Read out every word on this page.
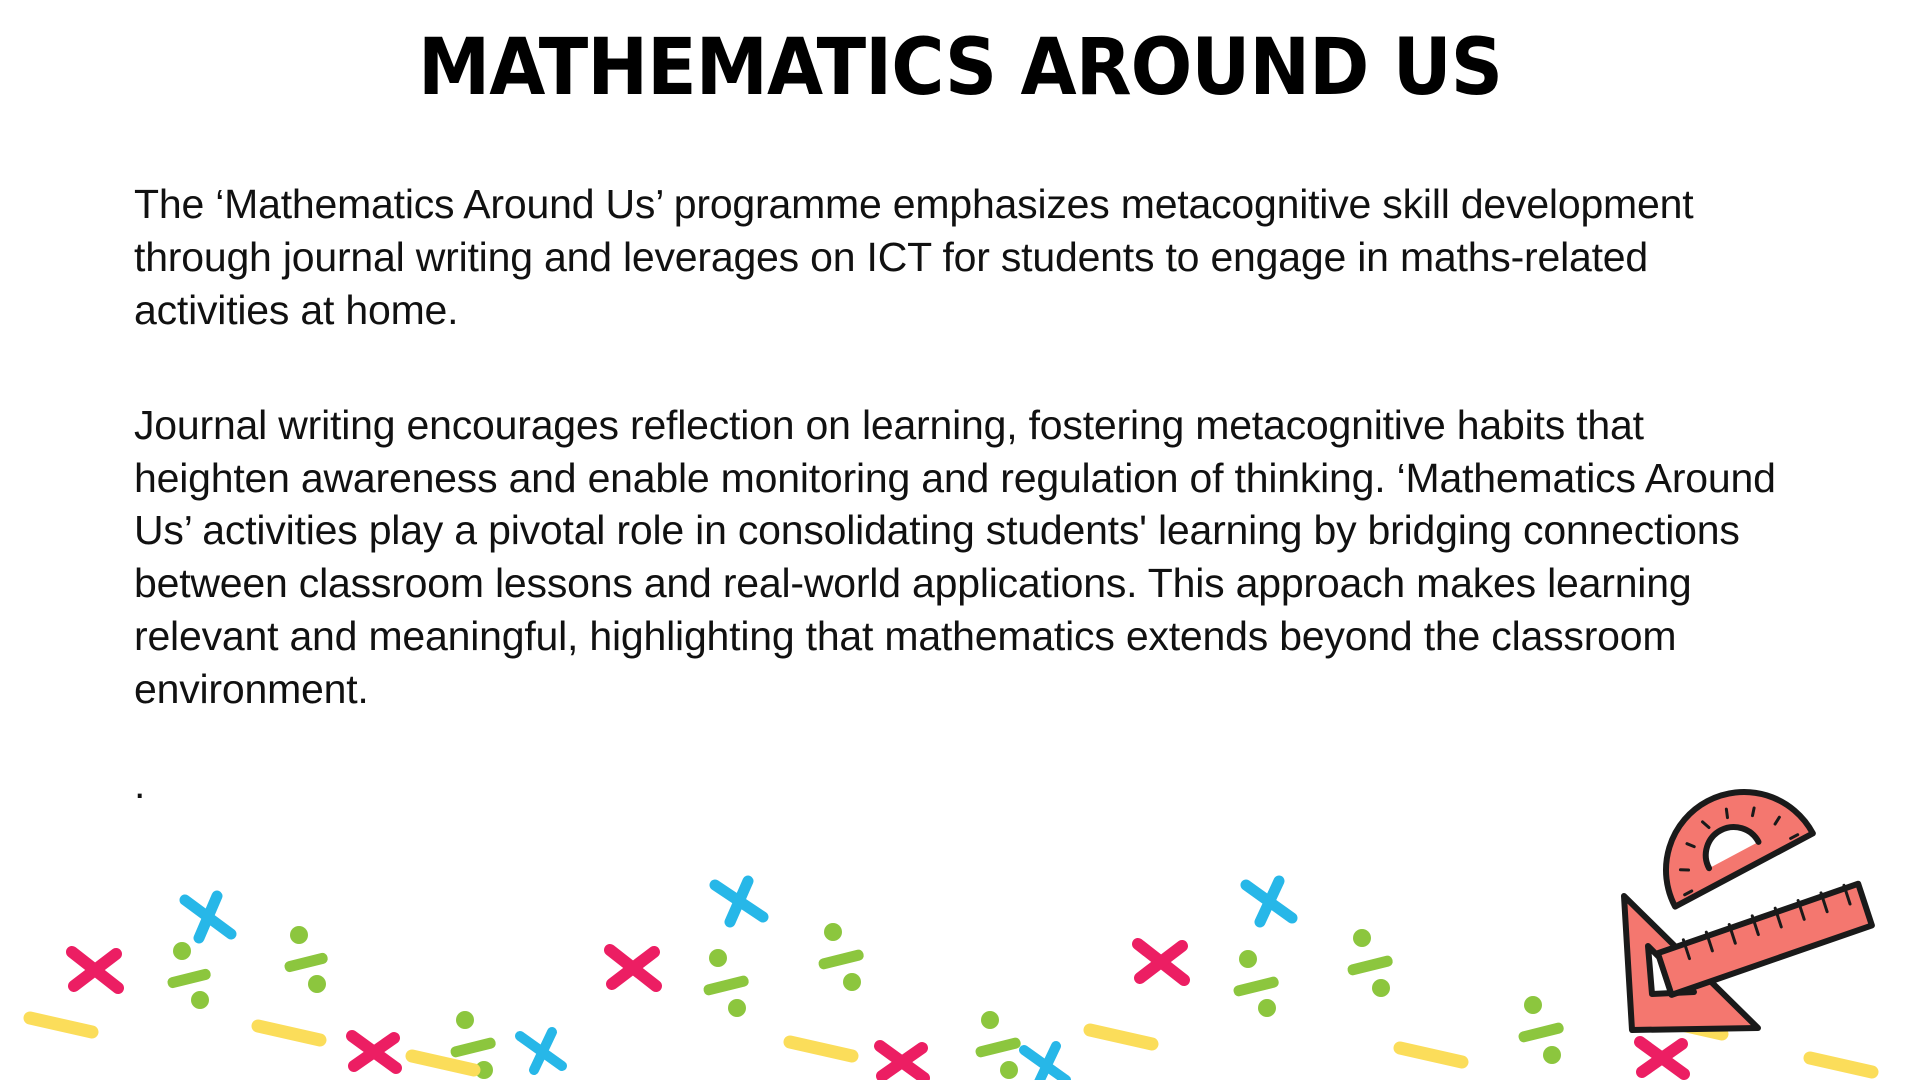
MATHEMATICS AROUND US

The ‘Mathematics Around Us’ programme emphasizes metacognitive skill development through journal writing and leverages on ICT for students to engage in maths-related activities at home.

Journal writing encourages reflection on learning, fostering metacognitive habits that heighten awareness and enable monitoring and regulation of thinking. ‘Mathematics Around Us’ activities play a pivotal role in consolidating students' learning by bridging connections between classroom lessons and real-world applications. This approach makes learning relevant and meaningful, highlighting that mathematics extends beyond the classroom environment.

.
